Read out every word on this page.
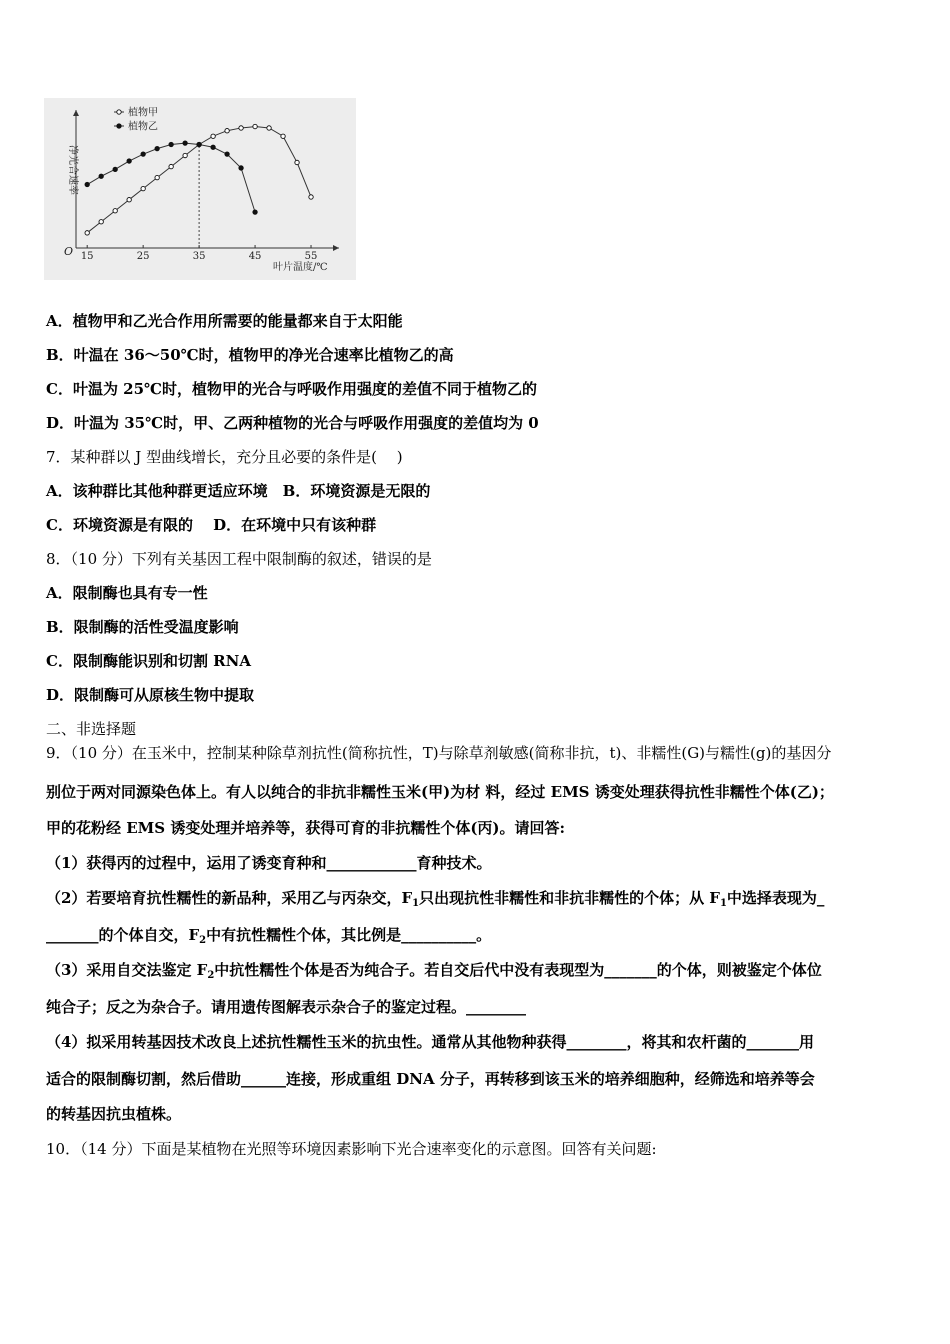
15	25	35	45	55
植物甲
植物乙
净光合速率
O
叶片温度/℃
A．植物甲和乙光合作用所需要的能量都来自于太阳能
B．叶温在 36～50℃时，植物甲的净光合速率比植物乙的高
C．叶温为 25℃时，植物甲的光合与呼吸作用强度的差值不同于植物乙的
D．叶温为 35℃时，甲、乙两种植物的光合与呼吸作用强度的差值均为 0
7．某种群以 J 型曲线增长，充分且必要的条件是(　 )
A．该种群比其他种群更适应环境　B．环境资源是无限的
C．环境资源是有限的　 D．在环境中只有该种群
8．（10 分）下列有关基因工程中限制酶的叙述，错误的是
A．限制酶也具有专一性
B．限制酶的活性受温度影响
C．限制酶能识别和切割 RNA
D．限制酶可从原核生物中提取
二、非选择题
9．（10 分）在玉米中，控制某种除草剂抗性(简称抗性，T)与除草剂敏感(简称非抗，t)、非糯性(G)与糯性(g)的基因分
别位于两对同源染色体上。有人以纯合的非抗非糯性玉米(甲)为材 料，经过 EMS 诱变处理获得抗性非糯性个体(乙)；
甲的花粉经 EMS 诱变处理并培养等，获得可育的非抗糯性个体(丙)。请回答:
（1）获得丙的过程中，运用了诱变育种和____________育种技术。
（2）若要培育抗性糯性的新品种，采用乙与丙杂交，$F_1$只出现抗性非糯性和非抗非糯性的个体；从 $F_1$中选择表现为_
_______的个体自交，$F_2$中有抗性糯性个体，其比例是__________。
（3）采用自交法鉴定 $F_2$中抗性糯性个体是否为纯合子。若自交后代中没有表现型为_______的个体，则被鉴定个体位
纯合子；反之为杂合子。请用遗传图解表示杂合子的鉴定过程。________
（4）拟采用转基因技术改良上述抗性糯性玉米的抗虫性。通常从其他物种获得________，将其和农杆菌的_______用
适合的限制酶切割，然后借助______连接，形成重组 DNA 分子，再转移到该玉米的培养细胞种，经筛选和培养等会
的转基因抗虫植株。
10．（14 分）下面是某植物在光照等环境因素影响下光合速率变化的示意图。回答有关问题:
